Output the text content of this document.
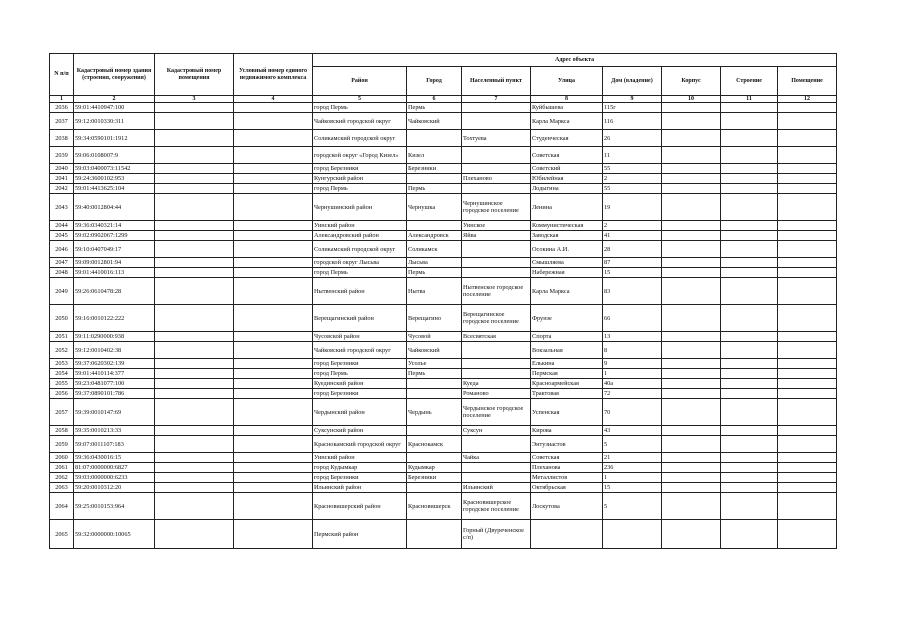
N п/п	Кадастровый номер здания (строения, сооружения)	Кадастровый номер помещения	Условный номер единого недвижимого комплекса	Адрес объекта							
				Район	Город	Населенный пункт	Улица	Дом (владение)	Корпус	Строение	Помещение
1	2	3	4	5	6	7	8	9	10	11	12
2036	59:01:4410947:100			город Пермь	Пермь		Куйбышева	115г			
2037	59:12:0010330:311			Чайковский городской округ	Чайковский		Карла Маркса	116			
2038	59:34:0590101:1912			Соликамский городской округ		Тохтуева	Студенческая	26			
2039	59:06:0108007:9			городской округ «Город Кизел»	Кизел		Советская	11			
2040	59:03:0400073:11542			город Березники	Березники		Советский	55			
2041	59:24:3600102:953			Кунгурский район		Плеханово	Юбилейная	2			
2042	59:01:4413625:104			город Пермь	Пермь		Лодыгина	55			
2043	59:40:0012804:44			Чернушинский район	Чернушка	Чернушинское городское поселение	Ленина	19			
2044	59:36:0340321:14			Уинский район		Уинское	Коммунистическая	2			
2045	59:02:0902067:1299			Александровский район	Александровск	Яйва	Заводская	41			
2046	59:10:0407049:17			Соликамский городской округ	Соликамск		Осокина А.И.	28			
2047	59:09:0012801:94			городской округ Лысьва	Лысьва		Смышляева	87			
2048	59:01:4410016:113			город Пермь	Пермь		Набережная	15			
2049	59:26:0610478:28			Нытвенский район	Нытва	Нытвенское городское поселение	Карла Маркса	83			
2050	59:16:0010122:222			Верещагинский район	Верещагино	Верещагинское городское поселение	Фрунзе	66			
2051	59:11:0290000:938			Чусовской район	Чусовой	Всесвятская	Спорта	13			
2052	59:12:0010402:38			Чайковский городской округ	Чайковский		Вокзальная	8			
2053	59:37:0620302:139			город Березники	Усолье		Елькина	9			
2054	59:01:4410114:377			город Пермь	Пермь		Пермская	1			
2055	59:23:0481077:100			Куединский район		Куеда	Красноармейская	40а			
2056	59:37:0890101:786			город Березники		Романово	Трактовая	72			
2057	59:39:0010147:69			Чердынский район	Чердынь	Чердынское городское поселение	Успенская	70			
2058	59:35:0010213:33			Суксунский район		Суксун	Кирова	43			
2059	59:07:0011107:183			Краснокамский городской округ	Краснокамск		Энтузиастов	5			
2060	59:36:0430016:15			Уинский район		Чайка	Советская	21			
2061	81:07:0000000:6827			город Кудымкар	Кудымкар		Плеханова	236			
2062	59:03:0000000:6233			город Березники	Березники		Металлистов	1			
2063	59:20:0010312:20			Ильинский район		Ильинский	Октябрьская	15			
2064	59:25:0010153:964			Красновишерский район	Красновишерск	Красновишерское городское поселение	Лоскутова	5			
2065	59:32:0000000:10065			Пермский район		Горный (Двуреченское с/п)					
